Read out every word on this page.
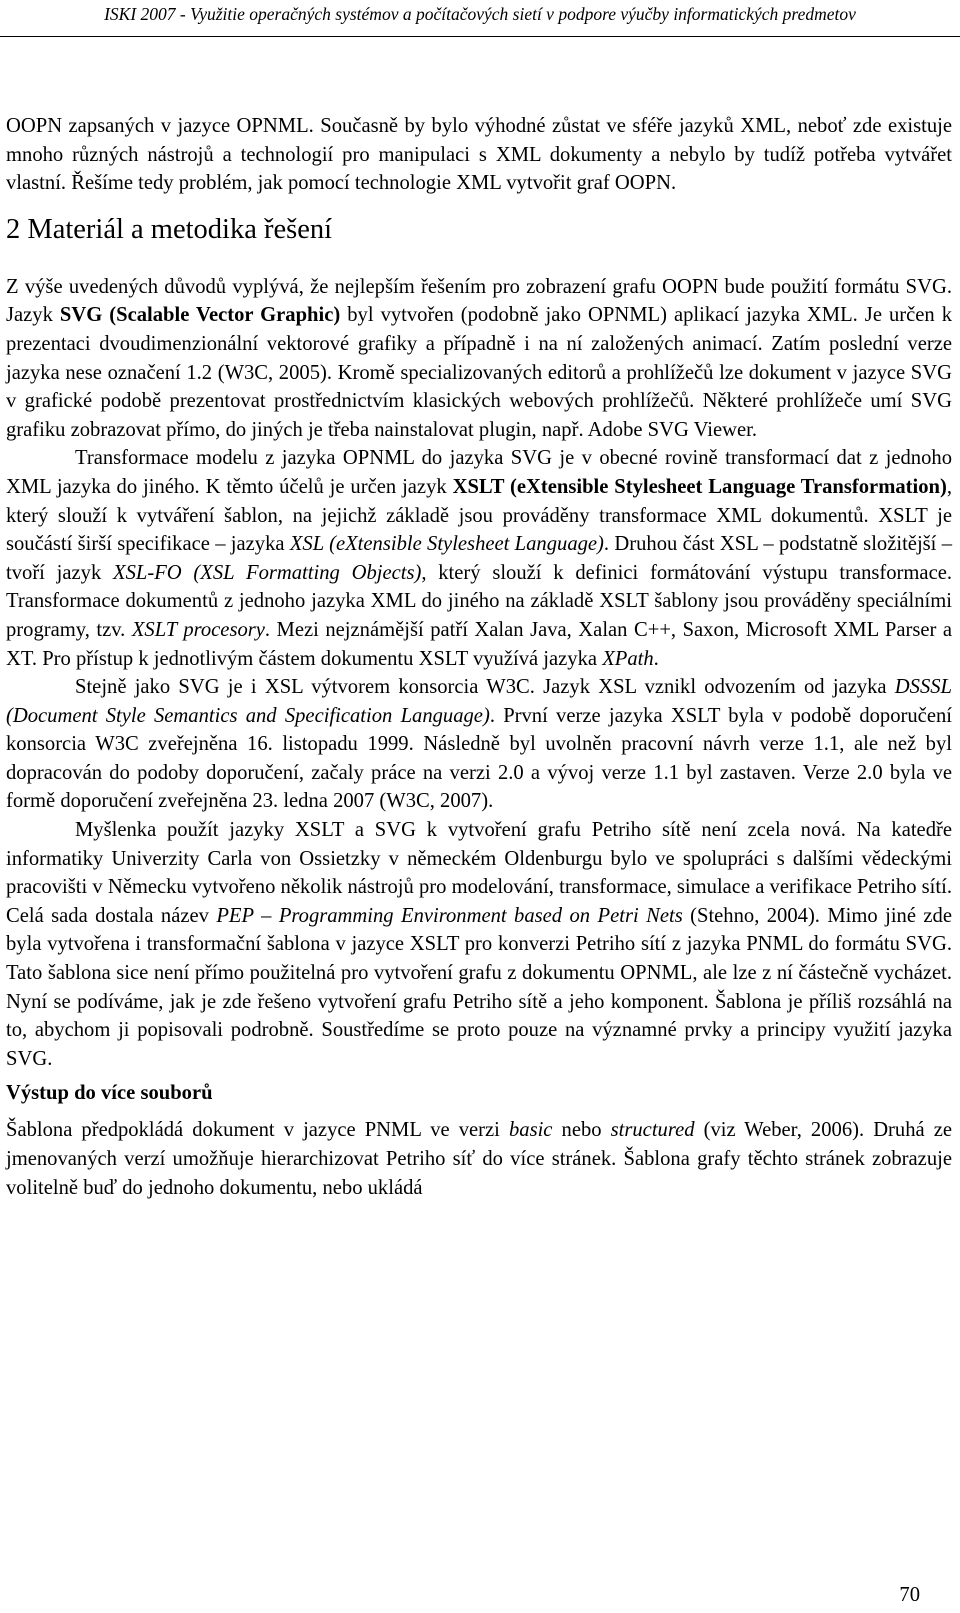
ISKI 2007 - Využitie operačných systémov a počítačových sietí v podpore výučby informatických predmetov

OOPN zapsaných v jazyce OPNML. Současně by bylo výhodné zůstat ve sféře jazyků XML, neboť zde existuje mnoho různých nástrojů a technologií pro manipulaci s XML dokumenty a nebylo by tudíž potřeba vytvářet vlastní. Řešíme tedy problém, jak pomocí technologie XML vytvořit graf OOPN.

2 Materiál a metodika řešení

Z výše uvedených důvodů vyplývá, že nejlepším řešením pro zobrazení grafu OOPN bude použití formátu SVG. Jazyk SVG (Scalable Vector Graphic) byl vytvořen (podobně jako OPNML) aplikací jazyka XML. Je určen k prezentaci dvoudimenzionální vektorové grafiky a případně i na ní založených animací. Zatím poslední verze jazyka nese označení 1.2 (W3C, 2005). Kromě specializovaných editorů a prohlížečů lze dokument v jazyce SVG v grafické podobě prezentovat prostřednictvím klasických webových prohlížečů. Některé prohlížeče umí SVG grafiku zobrazovat přímo, do jiných je třeba nainstalovat plugin, např. Adobe SVG Viewer.

Transformace modelu z jazyka OPNML do jazyka SVG je v obecné rovině transformací dat z jednoho XML jazyka do jiného. K těmto účelů je určen jazyk XSLT (eXtensible Stylesheet Language Transformation), který slouží k vytváření šablon, na jejichž základě jsou prováděny transformace XML dokumentů. XSLT je součástí širší specifikace – jazyka XSL (eXtensible Stylesheet Language). Druhou část XSL – podstatně složitější – tvoří jazyk XSL-FO (XSL Formatting Objects), který slouží k definici formátování výstupu transformace. Transformace dokumentů z jednoho jazyka XML do jiného na základě XSLT šablony jsou prováděny speciálními programy, tzv. XSLT procesory. Mezi nejznámější patří Xalan Java, Xalan C++, Saxon, Microsoft XML Parser a XT. Pro přístup k jednotlivým částem dokumentu XSLT využívá jazyka XPath.

Stejně jako SVG je i XSL výtvorem konsorcia W3C. Jazyk XSL vznikl odvozením od jazyka DSSSL (Document Style Semantics and Specification Language). První verze jazyka XSLT byla v podobě doporučení konsorcia W3C zveřejněna 16. listopadu 1999. Následně byl uvolněn pracovní návrh verze 1.1, ale než byl dopracován do podoby doporučení, začaly práce na verzi 2.0 a vývoj verze 1.1 byl zastaven. Verze 2.0 byla ve formě doporučení zveřejněna 23. ledna 2007 (W3C, 2007).

Myšlenka použít jazyky XSLT a SVG k vytvoření grafu Petriho sítě není zcela nová. Na katedře informatiky Univerzity Carla von Ossietzky v německém Oldenburgu bylo ve spolupráci s dalšími vědeckými pracovišti v Německu vytvořeno několik nástrojů pro modelování, transformace, simulace a verifikace Petriho sítí. Celá sada dostala název PEP – Programming Environment based on Petri Nets (Stehno, 2004). Mimo jiné zde byla vytvořena i transformační šablona v jazyce XSLT pro konverzi Petriho sítí z jazyka PNML do formátu SVG. Tato šablona sice není přímo použitelná pro vytvoření grafu z dokumentu OPNML, ale lze z ní částečně vycházet. Nyní se podíváme, jak je zde řešeno vytvoření grafu Petriho sítě a jeho komponent. Šablona je příliš rozsáhlá na to, abychom ji popisovali podrobně. Soustředíme se proto pouze na významné prvky a principy využití jazyka SVG.

Výstup do více souborů

Šablona předpokládá dokument v jazyce PNML ve verzi basic nebo structured (viz Weber, 2006). Druhá ze jmenovaných verzí umožňuje hierarchizovat Petriho síť do více stránek. Šablona grafy těchto stránek zobrazuje volitelně buď do jednoho dokumentu, nebo ukládá

70
